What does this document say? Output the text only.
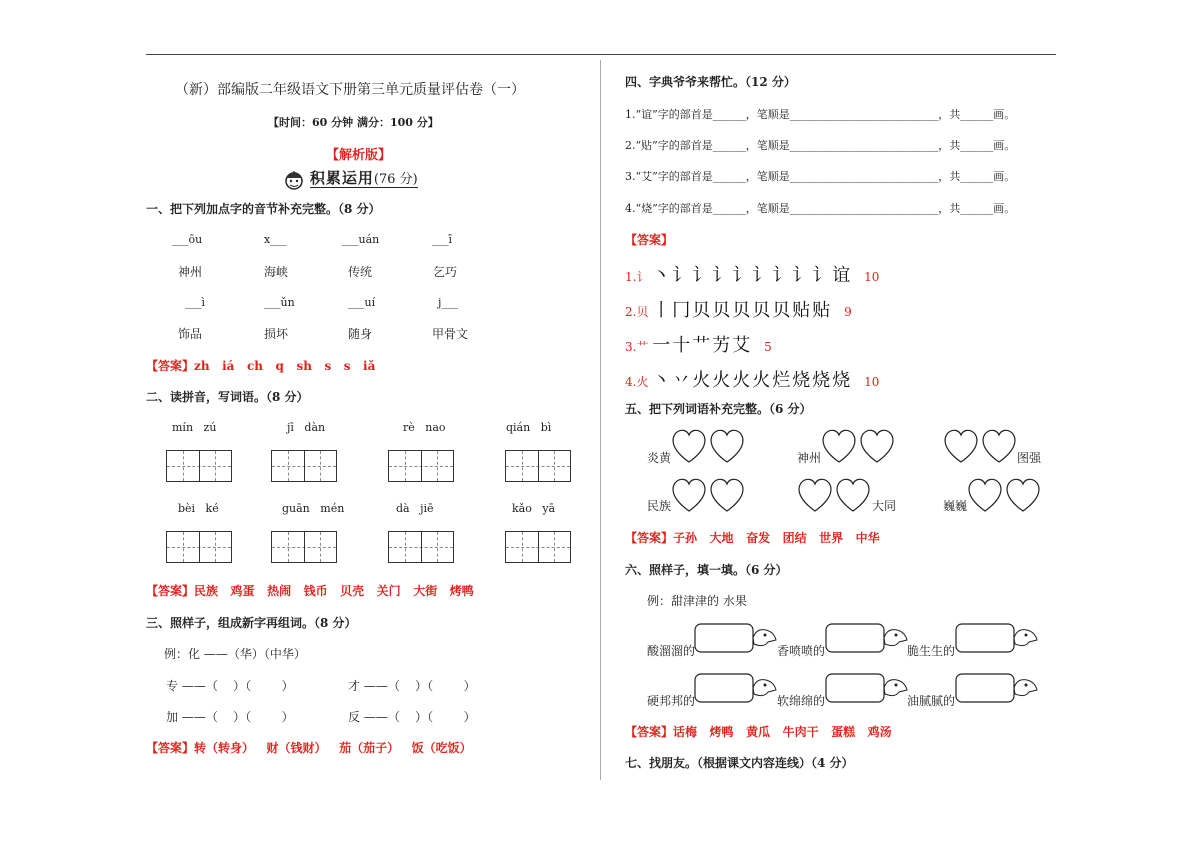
（新）部编版二年级语文下册第三单元质量评估卷（一）
【时间：60 分钟 满分：100 分】
【解析版】
积累运用(76 分)
一、把下列加点字的音节补充完整。（8 分）
___ōu	x___	___uán	___ī
神州	海峡	传统	乞巧
___ì	___ǔn	___uí	j___
饰品	损坏	随身	甲骨文
【答案】zh   iá   ch   q   sh   s   s   iǎ
二、读拼音，写词语。（8 分）
mín   zú	jī   dàn	rè   nao	qián   bì
bèi   ké	guān   mén	dà   jiē	kǎo   yā
【答案】民族   鸡蛋   热闹   钱币   贝壳   关门   大街   烤鸭
三、照样子，组成新字再组词。（8 分）
例：化 ——（华）（中华）
专 ——（    ）（        ）	才 ——（    ）（        ）
加 ——（    ）（        ）	反 ——（    ）（        ）
【答案】转（转身）   财（钱财）   茄（茄子）   饭（吃饭）
四、字典爷爷来帮忙。（12 分）
1.“谊”字的部首是______，笔顺是___________________________，共______画。
2.“贴”字的部首是______，笔顺是___________________________，共______画。
3.“艾”字的部首是______，笔顺是___________________________，共______画。
4.“烧”字的部首是______，笔顺是___________________________，共______画。
【答案】
1.讠 丶讠讠讠讠讠讠讠讠谊 10
2.贝 丨冂贝贝贝贝贝贴贴 9
3.艹 一十艹艻艾 5
4.火 丶丷火火火火烂烧烧烧 10
五、把下列词语补充完整。（6 分）
炎黄	神州	图强
民族	大同	巍巍
【答案】子孙   大地   奋发   团结   世界   中华
六、照样子，填一填。（6 分）
例：甜津津的 水果
酸溜溜的	香喷喷的	脆生生的
硬邦邦的	软绵绵的	油腻腻的
【答案】话梅   烤鸭   黄瓜   牛肉干   蛋糕   鸡汤
七、找朋友。（根据课文内容连线）（4 分）
